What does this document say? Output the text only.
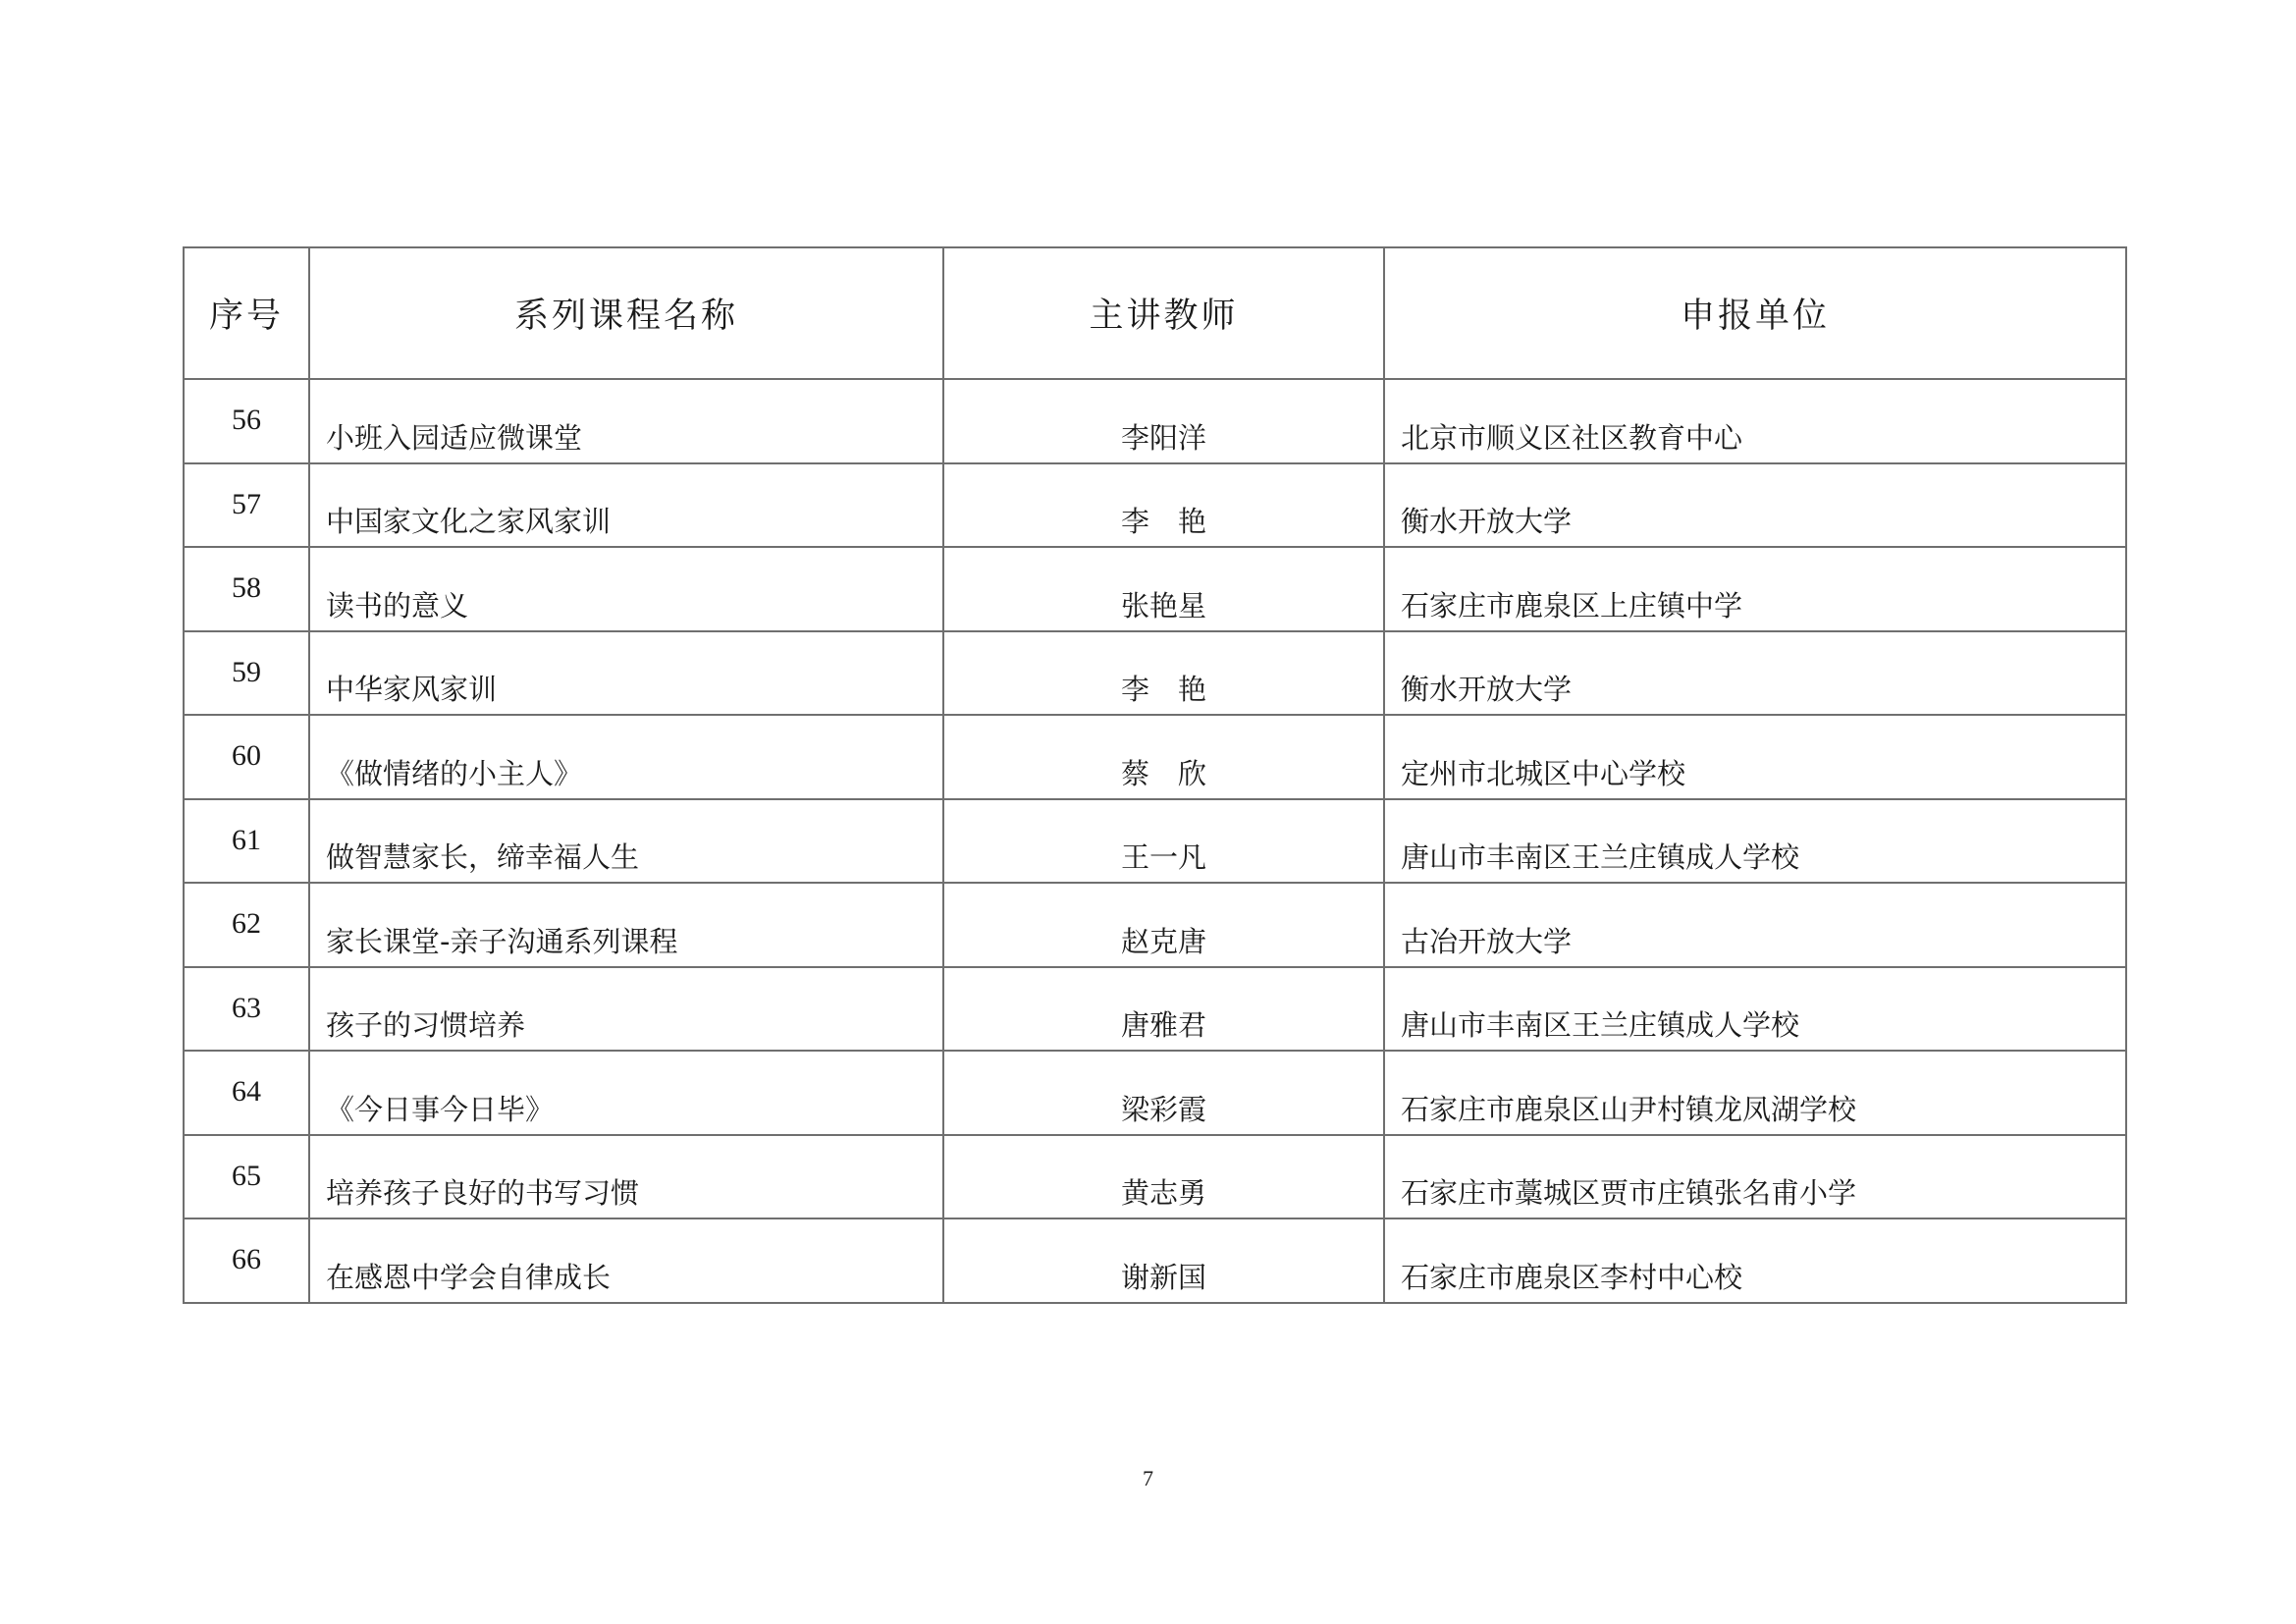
序号	系列课程名称	主讲教师	申报单位
56	小班入园适应微课堂	李阳洋	北京市顺义区社区教育中心
57	中国家文化之家风家训	李　艳	衡水开放大学
58	读书的意义	张艳星	石家庄市鹿泉区上庄镇中学
59	中华家风家训	李　艳	衡水开放大学
60	《做情绪的小主人》	蔡　欣	定州市北城区中心学校
61	做智慧家长，缔幸福人生	王一凡	唐山市丰南区王兰庄镇成人学校
62	家长课堂-亲子沟通系列课程	赵克唐	古冶开放大学
63	孩子的习惯培养	唐雅君	唐山市丰南区王兰庄镇成人学校
64	《今日事今日毕》	梁彩霞	石家庄市鹿泉区山尹村镇龙凤湖学校
65	培养孩子良好的书写习惯	黄志勇	石家庄市藁城区贾市庄镇张名甫小学
66	在感恩中学会自律成长	谢新国	石家庄市鹿泉区李村中心校
7
